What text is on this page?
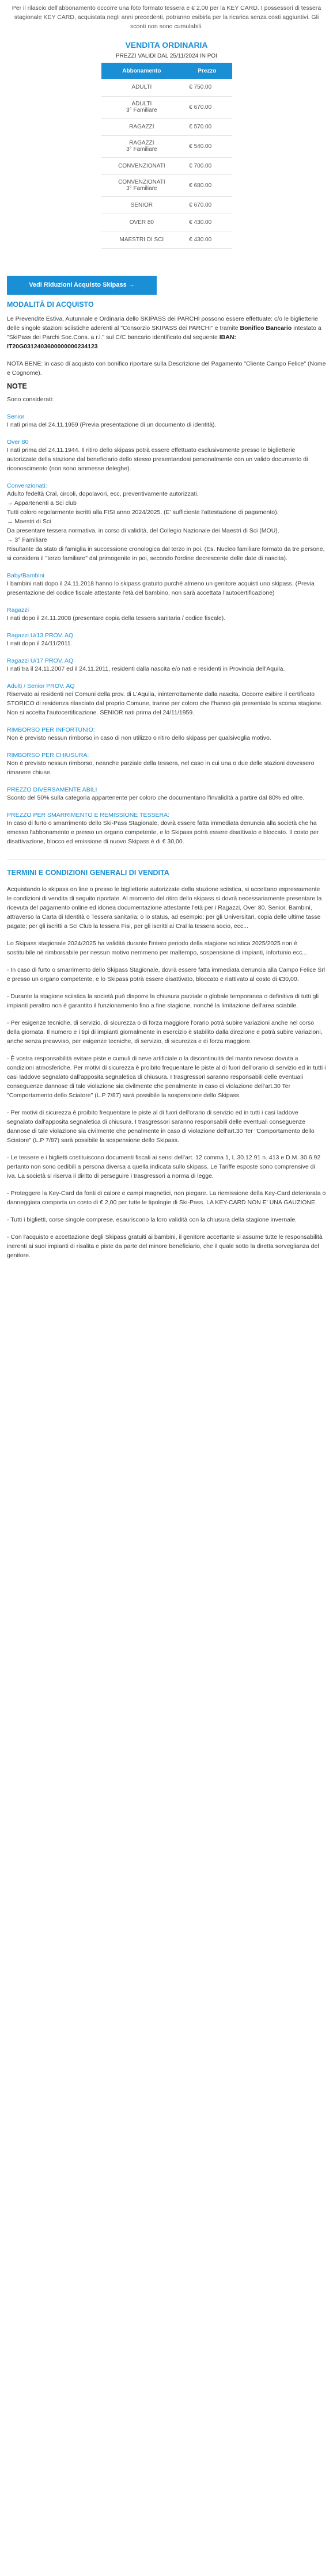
Per il rilascio dell'abbonamento occorre una foto formato tessera e € 2,00 per la KEY CARD. I possessori di tessera stagionale KEY CARD, acquistata negli anni precedenti, potranno esibirla per la ricarica senza costi aggiuntivi. Gli sconti non sono cumulabili.

VENDITA ORDINARIA
PREZZI VALIDI DAL 25/11/2024 IN POI
Abbonamento	Prezzo

ADULTI	€ 750.00

ADULTI
3° Familiare	€ 670.00

RAGAZZI	€ 570.00

RAGAZZI
3° Familiare	€ 540.00

CONVENZIONATI	€ 700.00

CONVENZIONATI
3° Familiare	€ 680.00

SENIOR	€ 670.00

OVER 80	€ 430.00

MAESTRI DI SCI	€ 430.00
Vedi Riduzioni Acquisto Skipass →
MODALITÀ DI ACQUISTO

Le Prevendite Estiva, Autunnale e Ordinaria dello SKIPASS dei PARCHI possono essere effettuate: c/o le biglietterie delle singole stazioni sciistiche aderenti al "Consorzio SKIPASS dei PARCHI" e tramite Bonifico Bancario intestato a "SkiPass dei Parchi Soc.Cons. a r.l." sul C/C bancario identificato dal seguente IBAN: IT20G0312403600000000234123

NOTA BENE: in caso di acquisto con bonifico riportare sulla Descrizione del Pagamento "Cliente Campo Felice" (Nome e Cognome).

NOTE

Sono considerati:

Senior

I nati prima del 24.11.1959 (Previa presentazione di un documento di identità).

Over 80

I nati prima del 24.11.1944. Il ritiro dello skipass potrà essere effettuato esclusivamente presso le biglietterie autorizzate della stazione dal beneficiario dello stesso presentandosi personalmente con un valido documento di riconoscimento (non sono ammesse deleghe).

Convenzionati:

Adulto fedeltà Cral, circoli, dopolavori, ecc, preventivamente autorizzati.
→ Appartenenti a Sci club
Tutti coloro regolarmente iscritti alla FISI anno 2024/2025. (E' sufficiente l'attestazione di pagamento).
→ Maestri di Sci
Da presentare tessera normativa, in corso di validità, del Collegio Nazionale dei Maestri di Sci (MOU).
→ 3° Familiare
Risultante da stato di famiglia in successione cronologica dal terzo in poi. (Es. Nucleo familiare formato da tre persone, si considera il "terzo familiare" dal primogenito in poi, secondo l'ordine decrescente delle date di nascita).

Baby/Bambini

I bambini nati dopo il 24.11.2018 hanno lo skipass gratuito purché almeno un genitore acquisti uno skipass. (Previa presentazione del codice fiscale attestante l'età del bambino, non sarà accettata l'autocertificazione)

Ragazzi

I nati dopo il 24.11.2008 (presentare copia della tessera sanitaria / codice fiscale).

Ragazzi U/13 PROV. AQ

I nati dopo il 24/11/2011.

Ragazzi U/17 PROV. AQ

I nati tra il 24.11.2007 ed il 24.11.2011, residenti dalla nascita e/o nati e residenti in Provincia dell'Aquila.

Adulti / Senior PROV. AQ

Riservato ai residenti nei Comuni della prov. di L'Aquila, ininterrottamente dalla nascita. Occorre esibire il certificato STORICO di residenza rilasciato dal proprio Comune, tranne per coloro che l'hanno già presentato la scorsa stagione. Non si accetta l'autocertificazione. SENIOR nati prima del 24/11/1959.

RIMBORSO PER INFORTUNIO:

Non è previsto nessun rimborso in caso di non utilizzo o ritiro dello skipass per qualsivoglia motivo.

RIMBORSO PER CHIUSURA:

Non è previsto nessun rimborso, neanche parziale della tessera, nel caso in cui una o due delle stazioni dovessero rimanere chiuse.

PREZZO DIVERSAMENTE ABILI

Sconto del 50% sulla categoria appartenente per coloro che documentano l'invalidità a partire dal 80% ed oltre.

PREZZO PER SMARRIMENTO E REMISSIONE TESSERA:

In caso di furto o smarrimento dello Ski-Pass Stagionale, dovrà essere fatta immediata denuncia alla società che ha emesso l'abbonamento e presso un organo competente, e lo Skipass potrà essere disattivato e bloccato. Il costo per disattivazione, blocco ed emissione di nuovo Skipass è di € 30,00.

TERMINI E CONDIZIONI GENERALI DI VENDITA

Acquistando lo skipass on line o presso le biglietterie autorizzate della stazione sciistica, si accettano espressamente le condizioni di vendita di seguito riportate. Al momento del ritiro dello skipass si dovrà necessariamente presentare la ricevuta del pagamento online ed idonea documentazione attestante l'età per i Ragazzi, Over 80, Senior, Bambini, attraverso la Carta di Identità o Tessera sanitaria; o lo status, ad esempio: per gli Universitari, copia delle ultime tasse pagate; per gli iscritti a Sci Club la tessera Fisi, per gli iscritti ai Cral la tessera socio, ecc...

Lo Skipass stagionale 2024/2025 ha validità durante l'intero periodo della stagione sciistica 2025/2025 non è sostituibile né rimborsabile per nessun motivo nemmeno per maltempo, sospensione di impianti, infortunio ecc...

- In caso di furto o smarrimento dello Skipass Stagionale, dovrà essere fatta immediata denuncia alla Campo Felice Srl e presso un organo competente, e lo Skipass potrà essere disattivato, bloccato e riattivato al costo di €30,00.

- Durante la stagione sciistica la società può disporre la chiusura parziale o globale temporanea o definitiva di tutti gli impianti peraltro non è garantito il funzionamento fino a fine stagione, nonché la limitazione dell'area sciabile.

- Per esigenze tecniche, di servizio, di sicurezza o di forza maggiore l'orario potrà subire variazioni anche nel corso della giornata. Il numero e i tipi di impianti giornalmente in esercizio è stabilito dalla direzione e potrà subire variazioni, anche senza preavviso, per esigenze tecniche, di servizio, di sicurezza e di forza maggiore.

- È vostra responsabilità evitare piste e cumuli di neve artificiale o la discontinuità del manto nevoso dovuta a condizioni atmosferiche. Per motivi di sicurezza è proibito frequentare le piste al di fuori dell'orario di servizio ed in tutti i casi laddove segnalato dall'apposita segnaletica di chiusura. I trasgressori saranno responsabili delle eventuali conseguenze dannose di tale violazione sia civilmente che penalmente in caso di violazione dell'art.30 Ter "Comportamento dello Sciatore" (L.P 7/87) sarà possibile la sospensione dello Skipass.

- Per motivi di sicurezza è proibito frequentare le piste al di fuori dell'orario di servizio ed in tutti i casi laddove segnalato dall'apposita segnaletica di chiusura. I trasgressori saranno responsabili delle eventuali conseguenze dannose di tale violazione sia civilmente che penalmente in caso di violazione dell'art.30 Ter "Comportamento dello Sciatore" (L.P 7/87) sarà possibile la sospensione dello Skipass.

- Le tessere e i biglietti costituiscono documenti fiscali ai sensi dell'art. 12 comma 1, L.30.12.91 n. 413 e D.M. 30.6.92 pertanto non sono cedibili a persona diversa a quella indicata sullo skipass. Le Tariffe esposte sono comprensive di iva. La società si riserva il diritto di perseguire i trasgressori a norma di legge.

- Proteggere la Key-Card da fonti di calore e campi magnetici, non piegare. La riemissione della Key-Card deteriorata o danneggiata comporta un costo di € 2,00 per tutte le tipologie di Ski-Pass. LA KEY-CARD NON E' UNA GAUZIONE.

- Tutti i biglietti, corse singole comprese, esauriscono la loro validità con la chiusura della stagione invernale.

- Con l'acquisto e accettazione degli Skipass gratuiti ai bambini, il genitore accettante si assume tutte le responsabilità inerenti ai suoi impianti di risalita e piste da parte del minore beneficiario, che il quale sotto la diretta sorveglianza del genitore.
